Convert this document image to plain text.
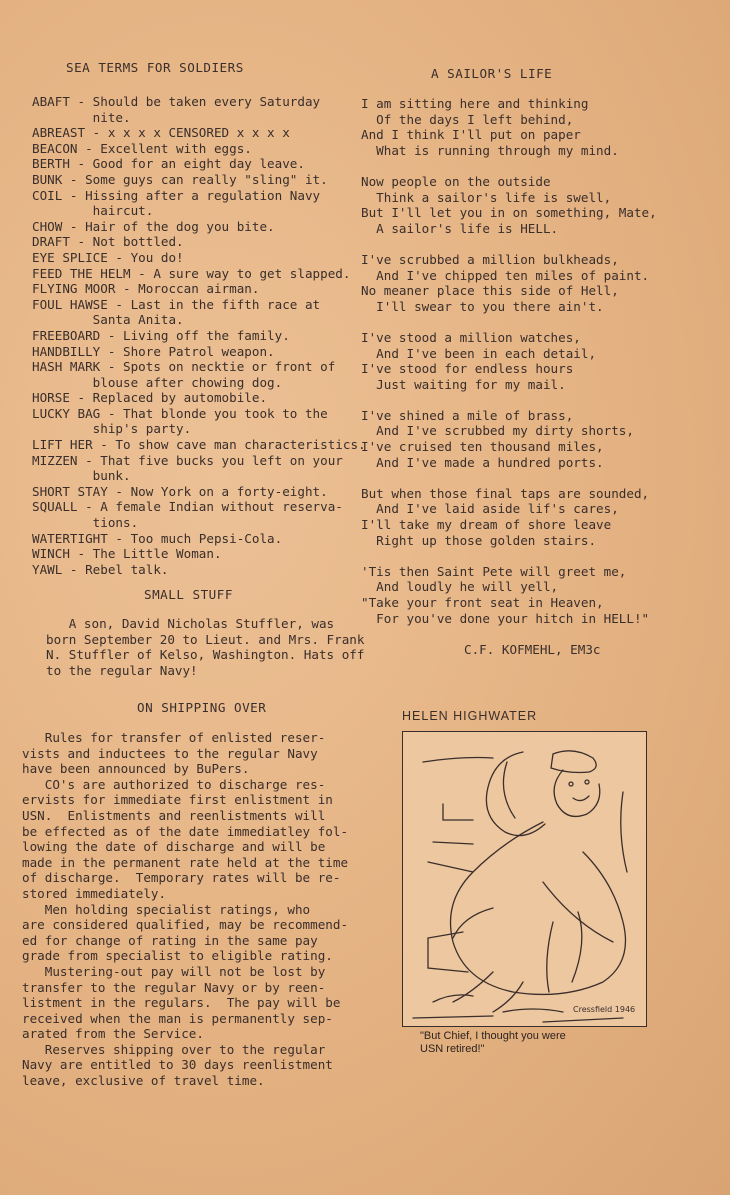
SEA TERMS FOR SOLDIERS
ABAFT - Should be taken every Saturday
nite.
ABREAST - x x x x CENSORED x x x x
BEACON - Excellent with eggs.
BERTH - Good for an eight day leave.
BUNK - Some guys can really "sling" it.
COIL - Hissing after a regulation Navy
haircut.
CHOW - Hair of the dog you bite.
DRAFT - Not bottled.
EYE SPLICE - You do!
FEED THE HELM - A sure way to get slapped.
FLYING MOOR - Moroccan airman.
FOUL HAWSE - Last in the fifth race at
Santa Anita.
FREEBOARD - Living off the family.
HANDBILLY - Shore Patrol weapon.
HASH MARK - Spots on necktie or front of
blouse after chowing dog.
HORSE - Replaced by automobile.
LUCKY BAG - That blonde you took to the
ship's party.
LIFT HER - To show cave man characteristics.
MIZZEN - That five bucks you left on your
bunk.
SHORT STAY - Now York on a forty-eight.
SQUALL - A female Indian without reserva-
tions.
WATERTIGHT - Too much Pepsi-Cola.
WINCH - The Little Woman.
YAWL - Rebel talk.
SMALL STUFF
A son, David Nicholas Stuffler, was
born September 20 to Lieut. and Mrs. Frank
N. Stuffler of Kelso, Washington. Hats off
to the regular Navy!
A SAILOR'S LIFE
I am sitting here and thinking
Of the days I left behind,
And I think I'll put on paper
What is running through my mind.
Now people on the outside
Think a sailor's life is swell,
But I'll let you in on something, Mate,
A sailor's life is HELL.
I've scrubbed a million bulkheads,
And I've chipped ten miles of paint.
No meaner place this side of Hell,
I'll swear to you there ain't.
I've stood a million watches,
And I've been in each detail,
I've stood for endless hours
Just waiting for my mail.
I've shined a mile of brass,
And I've scrubbed my dirty shorts,
I've cruised ten thousand miles,
And I've made a hundred ports.
But when those final taps are sounded,
And I've laid aside lif's cares,
I'll take my dream of shore leave
Right up those golden stairs.
'Tis then Saint Pete will greet me,
And loudly he will yell,
"Take your front seat in Heaven,
For you've done your hitch in HELL!"
C.F. KOFMEHL, EM3c
ON SHIPPING OVER
Rules for transfer of enlisted reser-
vists and inductees to the regular Navy
have been announced by BuPers.
CO's are authorized to discharge res-
ervists for immediate first enlistment in
USN.  Enlistments and reenlistments will
be effected as of the date immediatley fol-
lowing the date of discharge and will be
made in the permanent rate held at the time
of discharge.  Temporary rates will be re-
stored immediately.
Men holding specialist ratings, who
are considered qualified, may be recommend-
ed for change of rating in the same pay
grade from specialist to eligible rating.
Mustering-out pay will not be lost by
transfer to the regular Navy or by reen-
listment in the regulars.  The pay will be
received when the man is permanently sep-
arated from the Service.
Reserves shipping over to the regular
Navy are entitled to 30 days reenlistment
leave, exclusive of travel time.
HELEN HIGHWATER
Cressfield 1946
"But Chief, I thought you were
USN retired!"
